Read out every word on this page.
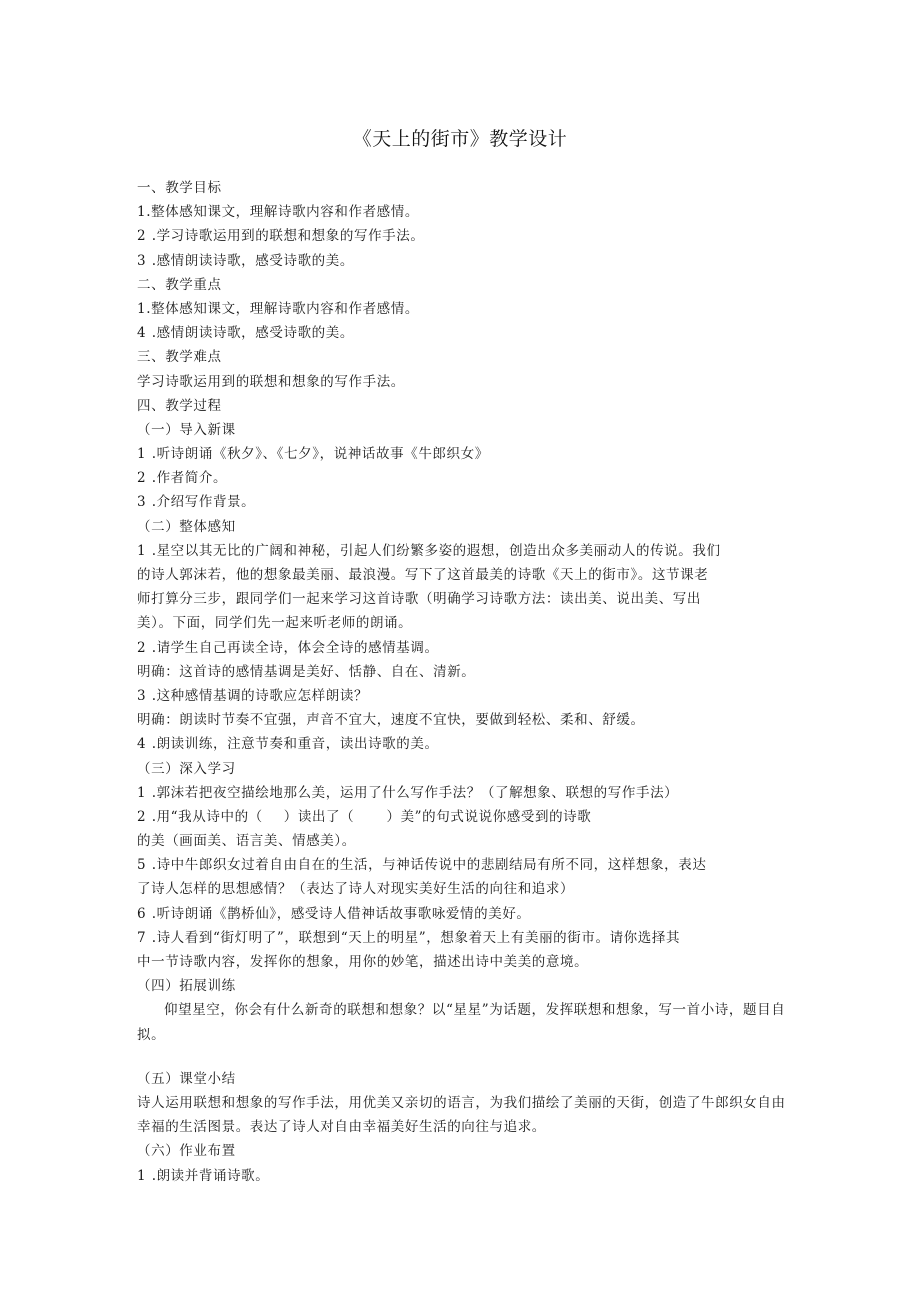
《天上的街市》教学设计
一、教学目标
1.整体感知课文，理解诗歌内容和作者感情。
2	.学习诗歌运用到的联想和想象的写作手法。
3	.感情朗读诗歌，感受诗歌的美。
二、教学重点
1.整体感知课文，理解诗歌内容和作者感情。
4	.感情朗读诗歌，感受诗歌的美。
三、教学难点
学习诗歌运用到的联想和想象的写作手法。
四、教学过程
（一）导入新课
1	.听诗朗诵《秋夕》、《七夕》，说神话故事《牛郎织女》
2	.作者简介。
3	.介绍写作背景。
（二）整体感知
1	.星空以其无比的广阔和神秘，引起人们纷繁多姿的遐想，创造出众多美丽动人的传说。我们
的诗人郭沫若，他的想象最美丽、最浪漫。写下了这首最美的诗歌《天上的街市》。这节课老
师打算分三步，跟同学们一起来学习这首诗歌（明确学习诗歌方法：读出美、说出美、写出
美）。下面，同学们先一起来听老师的朗诵。
2	.请学生自己再读全诗，体会全诗的感情基调。
明确：这首诗的感情基调是美好、恬静、自在、清新。
3	.这种感情基调的诗歌应怎样朗读？
明确：朗读时节奏不宜强，声音不宜大，速度不宜快，要做到轻松、柔和、舒缓。
4	.朗读训练，注意节奏和重音，读出诗歌的美。
（三）深入学习
1	.郭沫若把夜空描绘地那么美，运用了什么写作手法？（了解想象、联想的写作手法）
2	.用“我从诗中的（		）读出了（			）美”的句式说说你感受到的诗歌
的美（画面美、语言美、情感美）。
5	.诗中牛郎织女过着自由自在的生活，与神话传说中的悲剧结局有所不同，这样想象，表达
了诗人怎样的思想感情？（表达了诗人对现实美好生活的向往和追求）
6	.听诗朗诵《鹊桥仙》，感受诗人借神话故事歌咏爱情的美好。
7	.诗人看到“街灯明了”，联想到“天上的明星”，想象着天上有美丽的街市。请你选择其
中一节诗歌内容，发挥你的想象，用你的妙笔，描述出诗中美美的意境。
（四）拓展训练
仰望星空，你会有什么新奇的联想和想象？以“星星”为话题，发挥联想和想象，写一首小诗，题目自拟。
（五）课堂小结
诗人运用联想和想象的写作手法，用优美又亲切的语言，为我们描绘了美丽的天街，创造了牛郎织女自由幸福的生活图景。表达了诗人对自由幸福美好生活的向往与追求。
（六）作业布置
1	.朗读并背诵诗歌。
